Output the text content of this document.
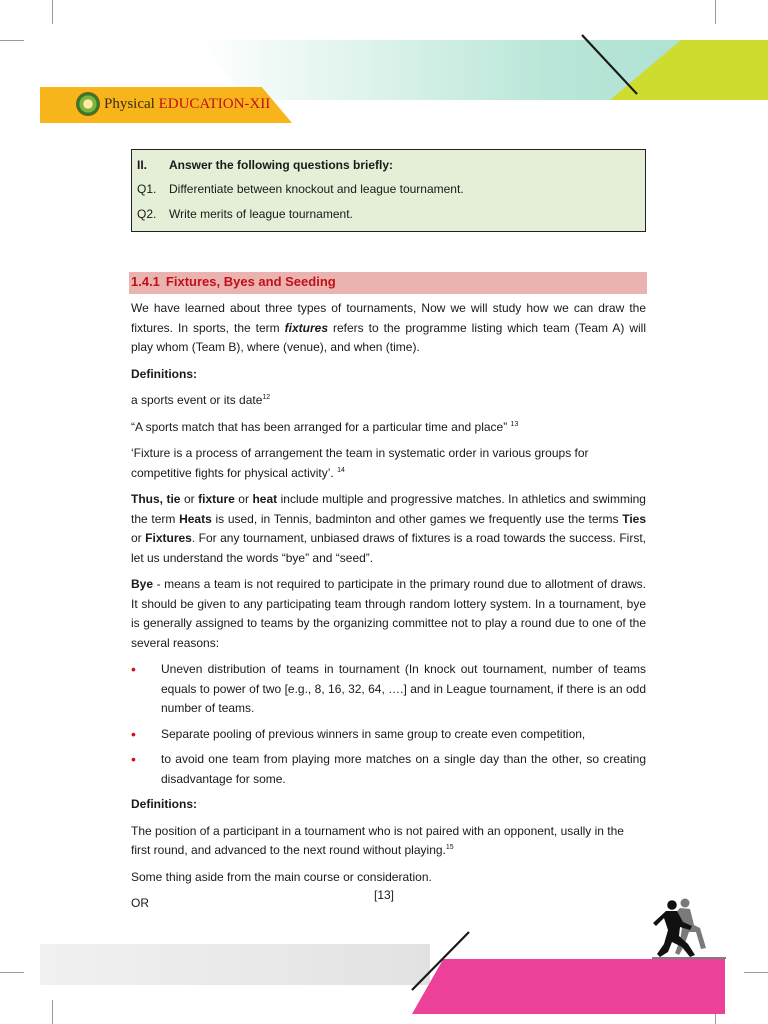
Physical EDUCATION-XII
II.	Answer the following questions briefly:
Q1.	Differentiate between knockout and league tournament.
Q2.	Write merits of league tournament.
1.4.1 Fixtures, Byes and Seeding
We have learned about three types of tournaments, Now we will study how we can draw the fixtures. In sports, the term fixtures refers to the programme listing which team (Team A) will play whom (Team B), where (venue), and when (time).
Definitions:
a sports event or its date$^{12}$
“A sports match that has been arranged for a particular time and place” $^{13}$
‘Fixture is a process of arrangement the team in systematic order in various groups for competitive fights for physical activity’. $^{14}$
Thus, tie or fixture or heat include multiple and progressive matches. In athletics and swimming the term Heats is used, in Tennis, badminton and other games we frequently use the terms Ties or Fixtures. For any tournament, unbiased draws of fixtures is a road towards the success. First, let us understand the words “bye” and “seed”.
Bye - means a team is not required to participate in the primary round due to allotment of draws. It should be given to any participating team through random lottery system. In a tournament, bye is generally assigned to teams by the organizing committee not to play a round due to one of the several reasons:
•	Uneven distribution of teams in tournament (In knock out tournament, number of teams equals to power of two [e.g., 8, 16, 32, 64, ….] and in League tournament, if there is an odd number of teams.
•	Separate pooling of previous winners in same group to create even competition,
•	to avoid one team from playing more matches on a single day than the other, so creating disadvantage for some.
Definitions:
The position of a participant in a tournament who is not paired with an opponent, usally in the first round, and advanced to the next round without playing.$^{15}$
Some thing aside from the main course or consideration.
OR
[13]
